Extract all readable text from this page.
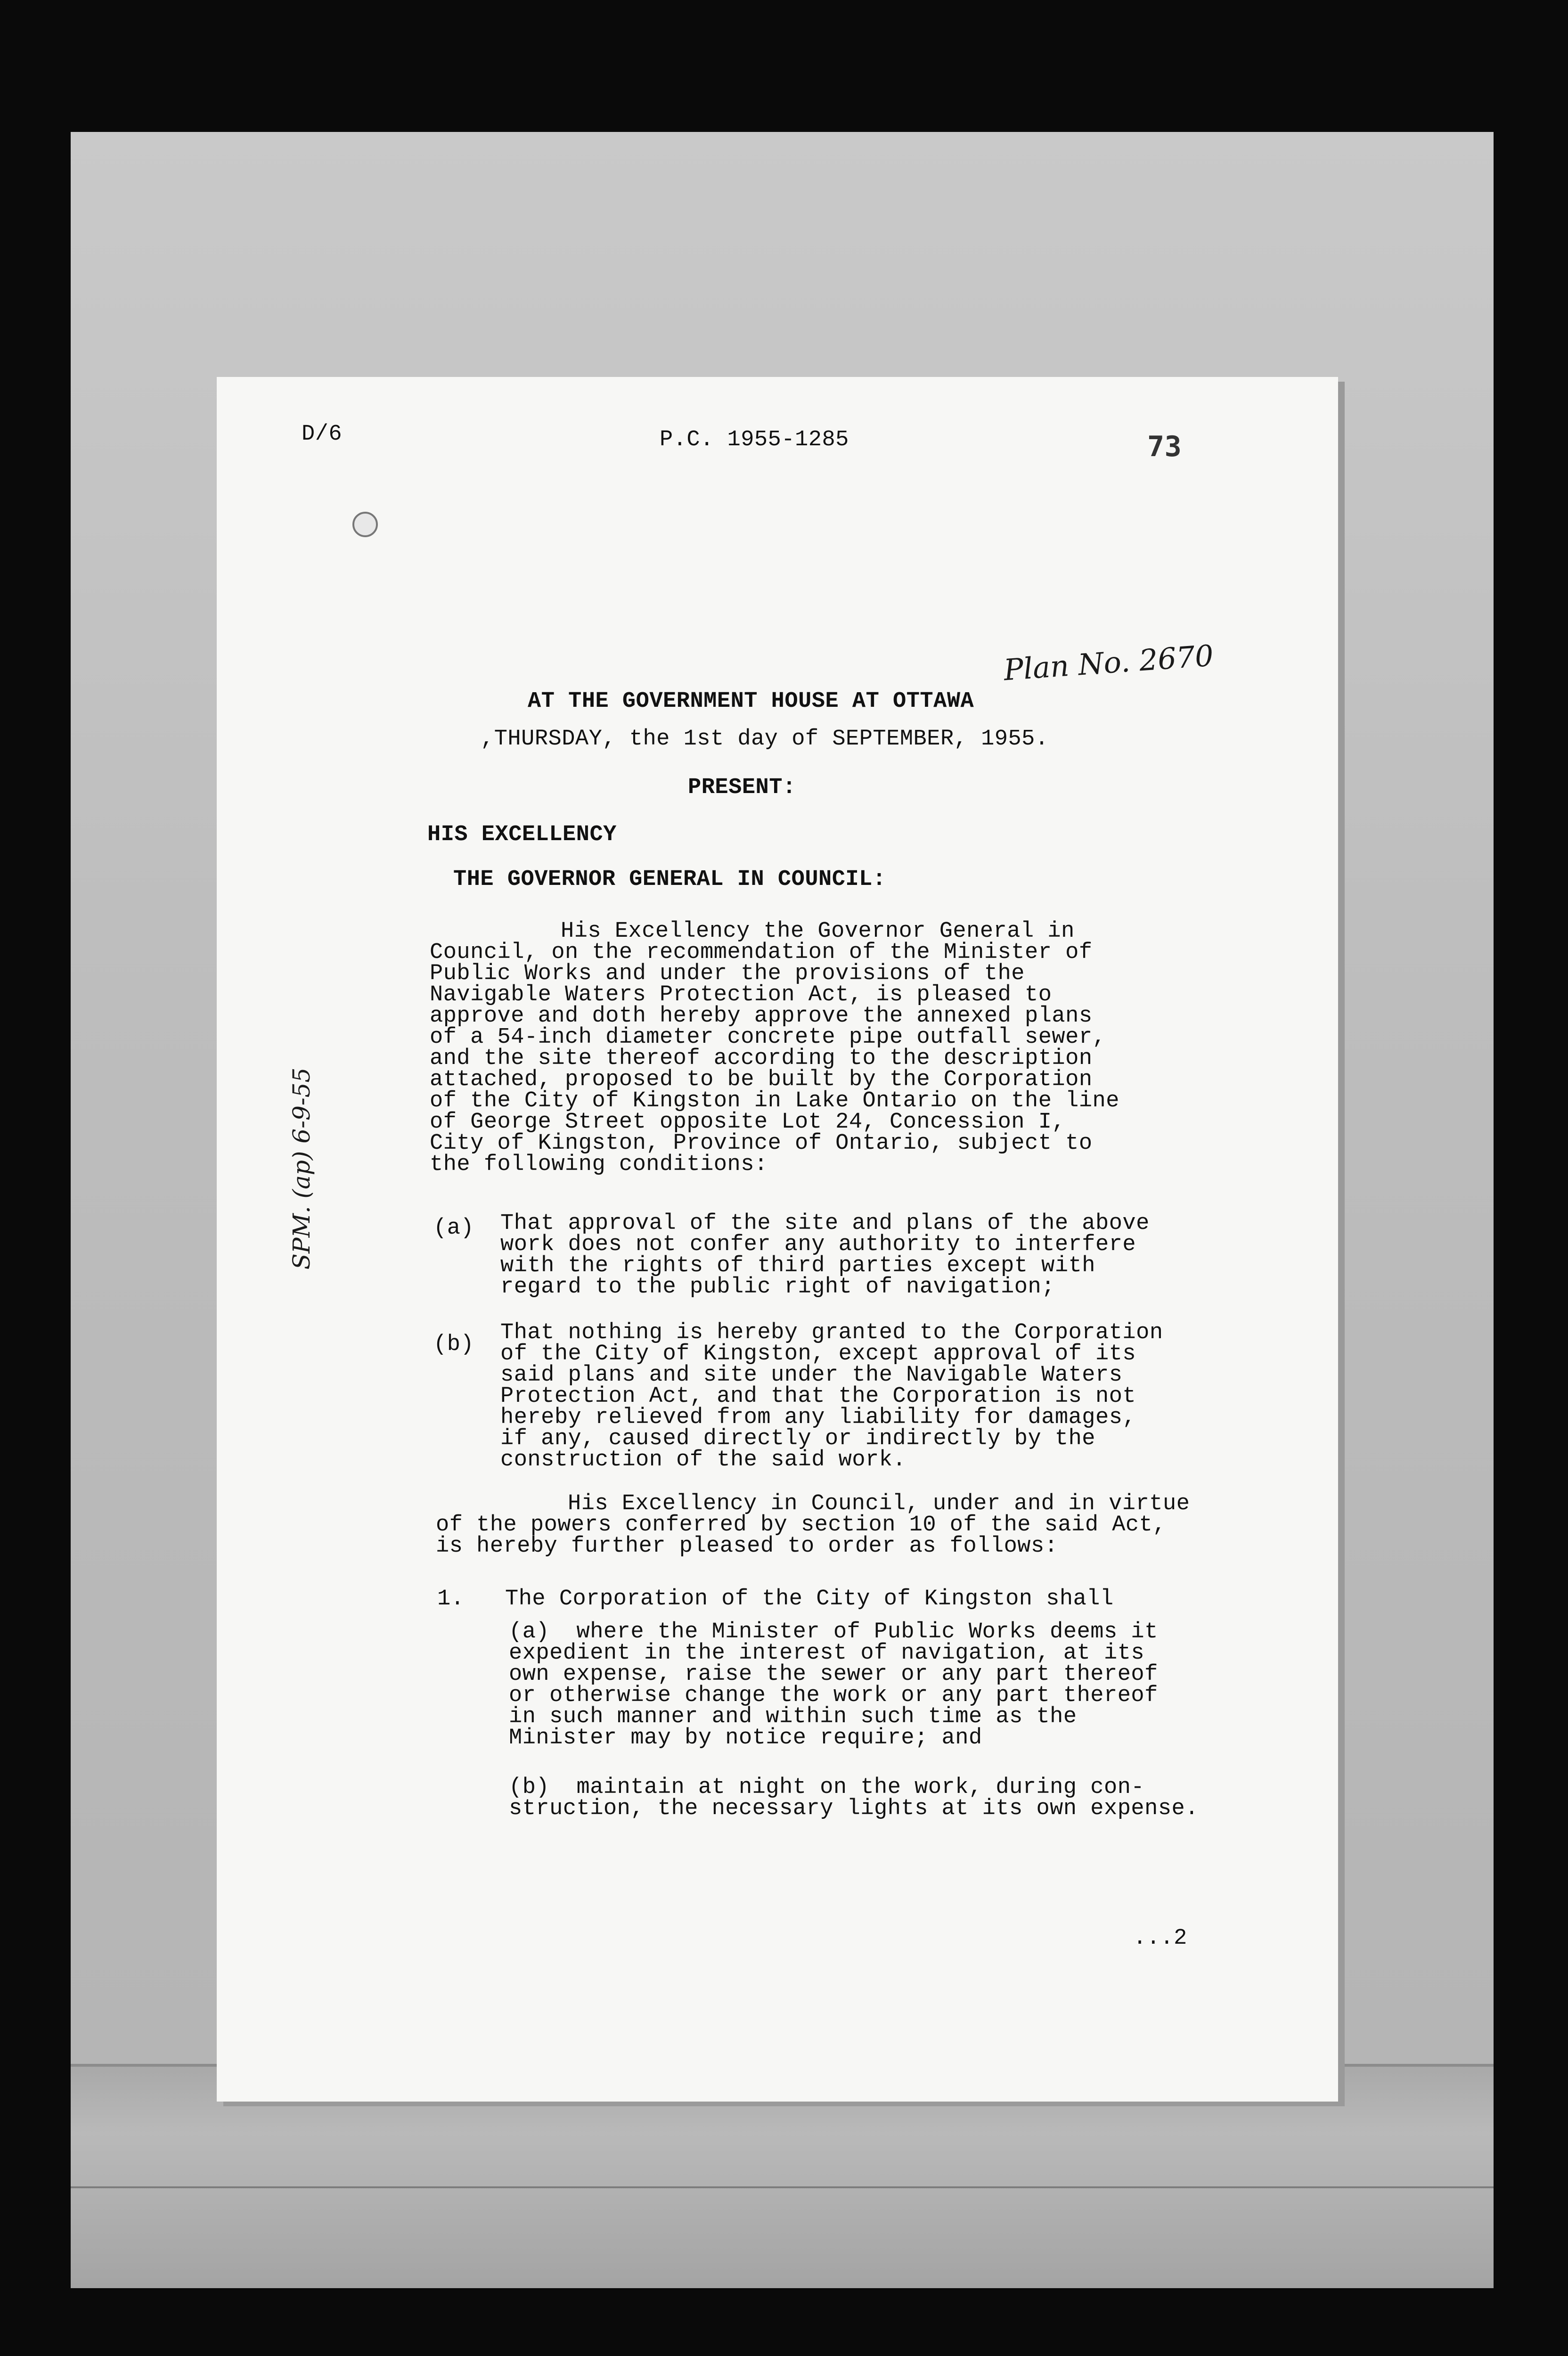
D/6	P.C. 1955-1285	73
Plan No. 2670
SPM. (ap) 6-9-55
AT THE GOVERNMENT HOUSE AT OTTAWA
,THURSDAY, the 1st day of SEPTEMBER, 1955.
PRESENT:
HIS EXCELLENCY
THE GOVERNOR GENERAL IN COUNCIL:
His Excellency the Governor General in
Council, on the recommendation of the Minister of
Public Works and under the provisions of the
Navigable Waters Protection Act, is pleased to
approve and doth hereby approve the annexed plans
of a 54-inch diameter concrete pipe outfall sewer,
and the site thereof according to the description
attached, proposed to be built by the Corporation
of the City of Kingston in Lake Ontario on the line
of George Street opposite Lot 24, Concession I,
City of Kingston, Province of Ontario, subject to
the following conditions:
(a) That approval of the site and plans of the above
work does not confer any authority to interfere
with the rights of third parties except with
regard to the public right of navigation;
(b) That nothing is hereby granted to the Corporation
of the City of Kingston, except approval of its
said plans and site under the Navigable Waters
Protection Act, and that the Corporation is not
hereby relieved from any liability for damages,
if any, caused directly or indirectly by the
construction of the said work.
His Excellency in Council, under and in virtue
of the powers conferred by section 10 of the said Act,
is hereby further pleased to order as follows:
1. The Corporation of the City of Kingston shall
(a)  where the Minister of Public Works deems it
expedient in the interest of navigation, at its
own expense, raise the sewer or any part thereof
or otherwise change the work or any part thereof
in such manner and within such time as the
Minister may by notice require; and
(b)  maintain at night on the work, during con-
struction, the necessary lights at its own expense.
...2
